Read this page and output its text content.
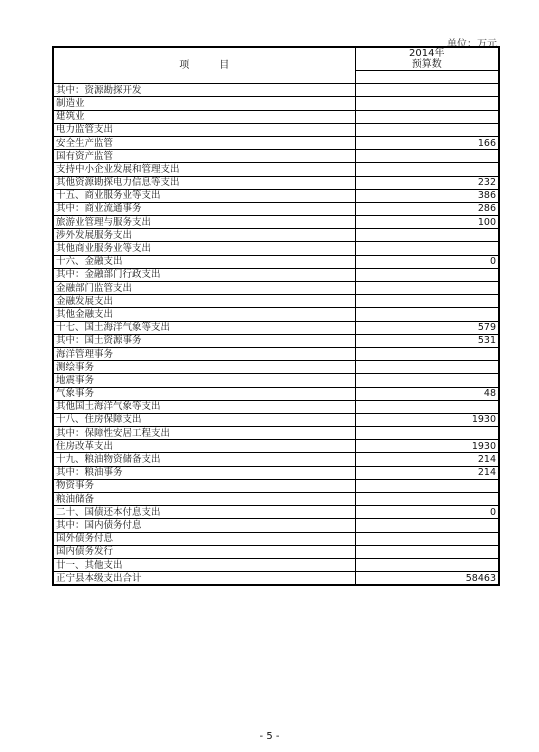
单位：万元
项　　　目	2014年
预算数

其中：资源勘探开发	
制造业	
建筑业	
电力监管支出	
安全生产监管	166
国有资产监管	
支持中小企业发展和管理支出	
其他资源勘探电力信息等支出	232
十五、商业服务业等支出	386
其中：商业流通事务	286
旅游业管理与服务支出	100
涉外发展服务支出	
其他商业服务业等支出	
十六、金融支出	0
其中：金融部门行政支出	
金融部门监管支出	
金融发展支出	
其他金融支出	
十七、国土海洋气象等支出	579
其中：国土资源事务	531
海洋管理事务	
测绘事务	
地震事务	
气象事务	48
其他国土海洋气象等支出	
十八、住房保障支出	1930
其中：保障性安居工程支出	
住房改革支出	1930
十九、粮油物资储备支出	214
其中：粮油事务	214
物资事务	
粮油储备	
二十、国债还本付息支出	0
其中：国内债务付息	
国外债务付息	
国内债务发行	
廿一、其他支出	
正宁县本级支出合计	58463
- 5 -
